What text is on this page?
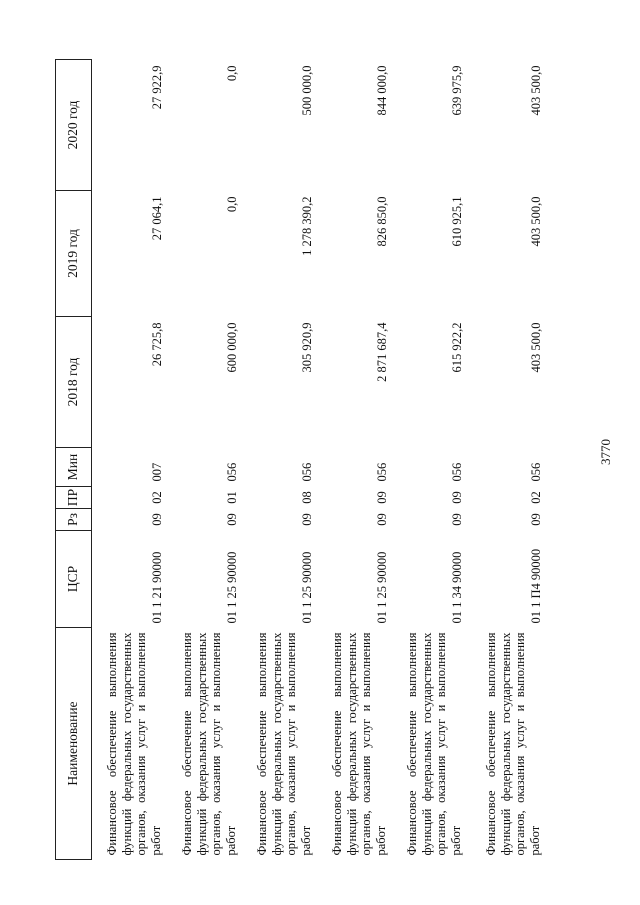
3770
Наименование	ЦСР	Рз	ПР	Мин	2018 год	2019 год	2020 год
Финансовое обеспечение выполнения функций федеральных государственных органов, оказания услуг и выполнения работ	01 1 21 90000	09	02	007	26 725,8	27 064,1	27 922,9
Финансовое обеспечение выполнения функций федеральных государственных органов, оказания услуг и выполнения работ	01 1 25 90000	09	01	056	600 000,0	0,0	0,0
Финансовое обеспечение выполнения функций федеральных государственных органов, оказания услуг и выполнения работ	01 1 25 90000	09	08	056	305 920,9	1 278 390,2	500 000,0
Финансовое обеспечение выполнения функций федеральных государственных органов, оказания услуг и выполнения работ	01 1 25 90000	09	09	056	2 871 687,4	826 850,0	844 000,0
Финансовое обеспечение выполнения функций федеральных государственных органов, оказания услуг и выполнения работ	01 1 34 90000	09	09	056	615 922,2	610 925,1	639 975,9
Финансовое обеспечение выполнения функций федеральных государственных органов, оказания услуг и выполнения работ	01 1 П4 90000	09	02	056	403 500,0	403 500,0	403 500,0
